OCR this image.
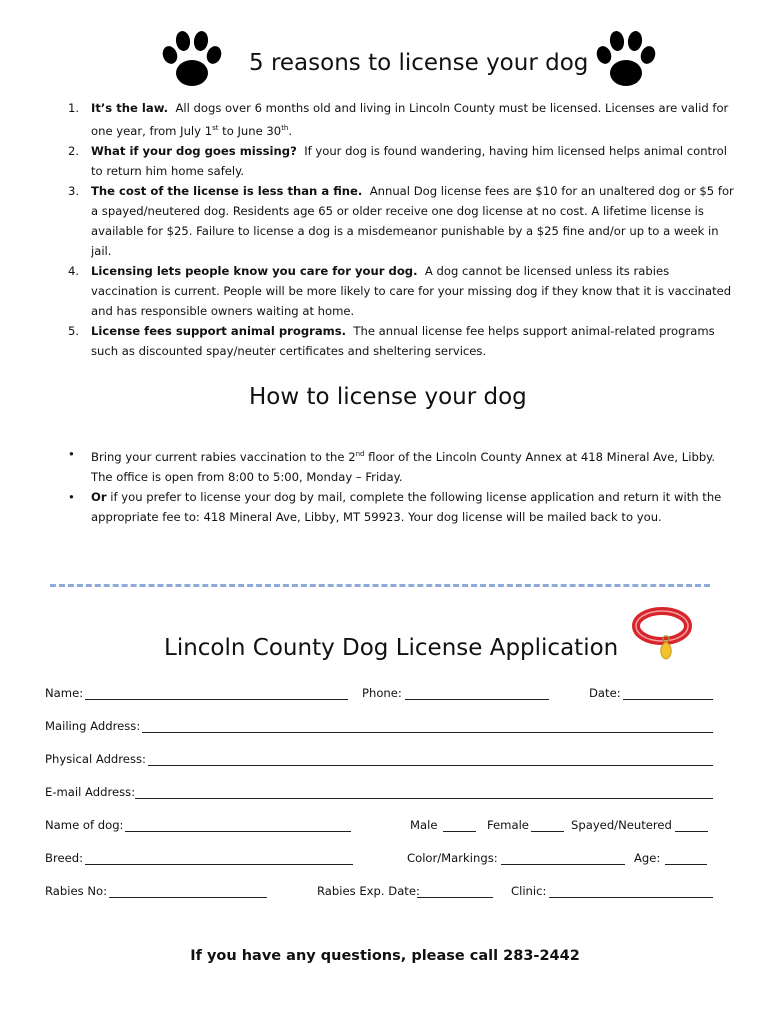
5 reasons to license your dog
1. It’s the law. All dogs over 6 months old and living in Lincoln County must be licensed. Licenses are valid for one year, from July 1st to June 30th.
2. What if your dog goes missing? If your dog is found wandering, having him licensed helps animal control to return him home safely.
3. The cost of the license is less than a fine. Annual Dog license fees are $10 for an unaltered dog or $5 for a spayed/neutered dog. Residents age 65 or older receive one dog license at no cost. A lifetime license is available for $25. Failure to license a dog is a misdemeanor punishable by a $25 fine and/or up to a week in jail.
4. Licensing lets people know you care for your dog. A dog cannot be licensed unless its rabies vaccination is current. People will be more likely to care for your missing dog if they know that it is vaccinated and has responsible owners waiting at home.
5. License fees support animal programs. The annual license fee helps support animal-related programs such as discounted spay/neuter certificates and sheltering services.
How to license your dog
• Bring your current rabies vaccination to the 2nd floor of the Lincoln County Annex at 418 Mineral Ave, Libby. The office is open from 8:00 to 5:00, Monday – Friday.
• Or if you prefer to license your dog by mail, complete the following license application and return it with the appropriate fee to: 418 Mineral Ave, Libby, MT 59923. Your dog license will be mailed back to you.
Lincoln County Dog License Application
Name:	Phone:	Date:
Mailing Address:
Physical Address:
E-mail Address:
Name of dog:	Male	Female	Spayed/Neutered
Breed:	Color/Markings:	Age:
Rabies No:	Rabies Exp. Date:	Clinic:
If you have any questions, please call 283-2442
